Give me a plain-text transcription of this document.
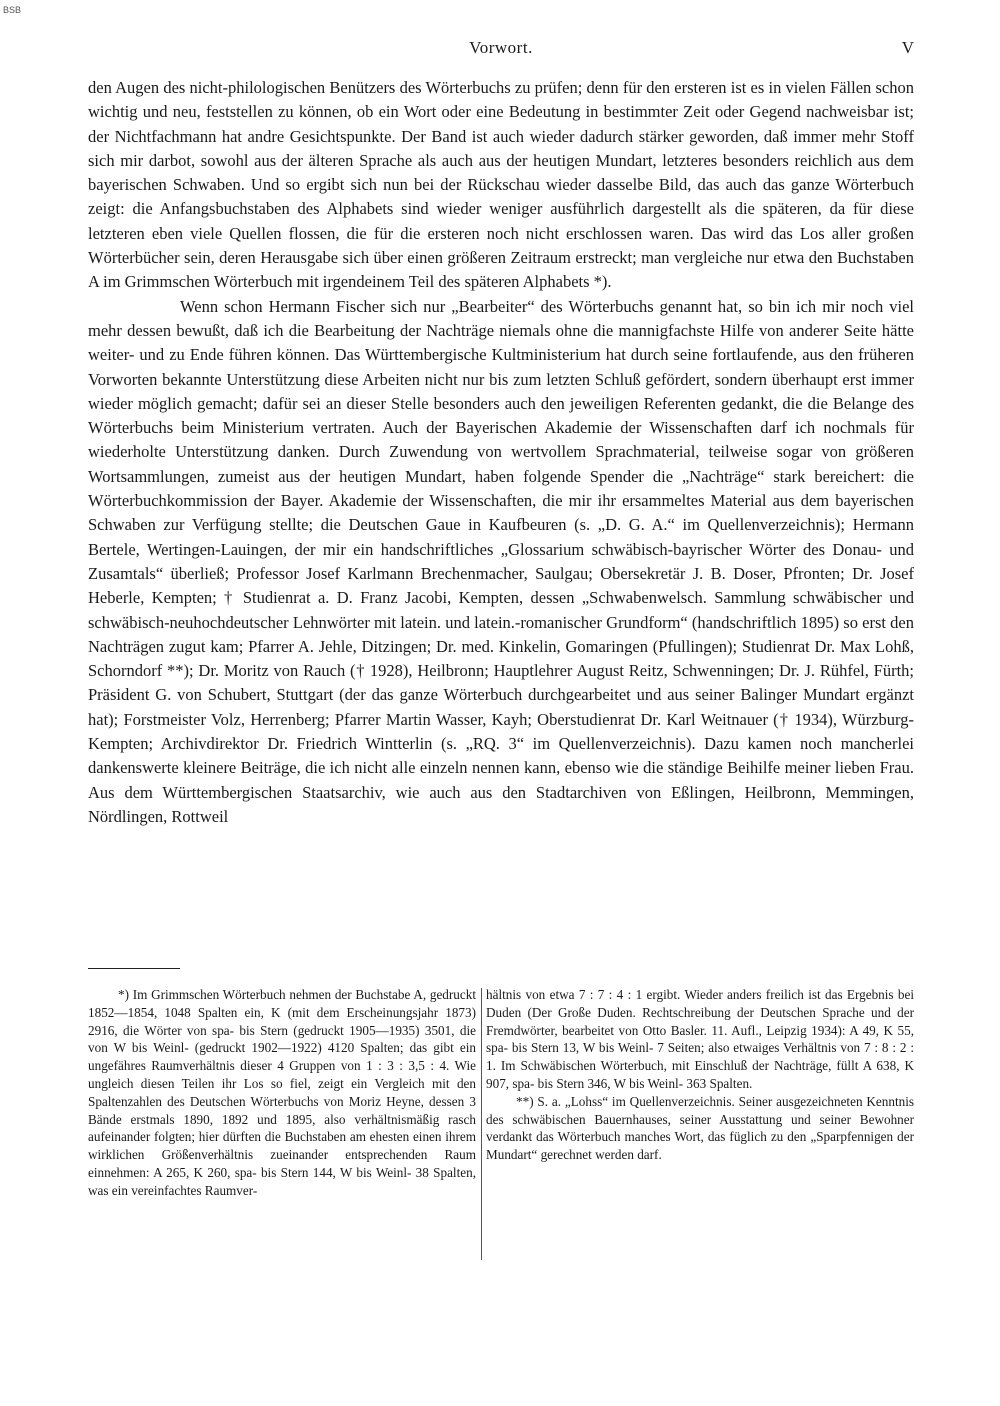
BSB
Vorwort.	V

den Augen des nicht-philologischen Benützers des Wörterbuchs zu prüfen; denn für den ersteren ist es in vielen Fällen schon wichtig und neu, feststellen zu können, ob ein Wort oder eine Bedeutung in bestimmter Zeit oder Gegend nachweisbar ist; der Nichtfachmann hat andre Gesichtspunkte. Der Band ist auch wieder dadurch stärker geworden, daß immer mehr Stoff sich mir darbot, sowohl aus der älteren Sprache als auch aus der heutigen Mundart, letzteres besonders reichlich aus dem bayerischen Schwaben. Und so ergibt sich nun bei der Rückschau wieder dasselbe Bild, das auch das ganze Wörterbuch zeigt: die Anfangsbuchstaben des Alphabets sind wieder weniger ausführlich dargestellt als die späteren, da für diese letzteren eben viele Quellen flossen, die für die ersteren noch nicht erschlossen waren. Das wird das Los aller großen Wörterbücher sein, deren Herausgabe sich über einen größeren Zeitraum erstreckt; man vergleiche nur etwa den Buchstaben A im Grimmschen Wörterbuch mit irgendeinem Teil des späteren Alphabets *).

Wenn schon Hermann Fischer sich nur „Bearbeiter“ des Wörterbuchs genannt hat, so bin ich mir noch viel mehr dessen bewußt, daß ich die Bearbeitung der Nachträge niemals ohne die mannigfachste Hilfe von anderer Seite hätte weiter- und zu Ende führen können. Das Württembergische Kultministerium hat durch seine fortlaufende, aus den früheren Vorworten bekannte Unterstützung diese Arbeiten nicht nur bis zum letzten Schluß gefördert, sondern überhaupt erst immer wieder möglich gemacht; dafür sei an dieser Stelle besonders auch den jeweiligen Referenten gedankt, die die Belange des Wörterbuchs beim Ministerium vertraten. Auch der Bayerischen Akademie der Wissenschaften darf ich nochmals für wiederholte Unterstützung danken. Durch Zuwendung von wertvollem Sprachmaterial, teilweise sogar von größeren Wortsammlungen, zumeist aus der heutigen Mundart, haben folgende Spender die „Nachträge“ stark bereichert: die Wörterbuchkommission der Bayer. Akademie der Wissenschaften, die mir ihr ersammeltes Material aus dem bayerischen Schwaben zur Verfügung stellte; die Deutschen Gaue in Kaufbeuren (s. „D. G. A.“ im Quellenverzeichnis); Hermann Bertele, Wertingen-Lauingen, der mir ein handschriftliches „Glossarium schwäbisch-bayrischer Wörter des Donau- und Zusamtals“ überließ; Professor Josef Karlmann Brechenmacher, Saulgau; Obersekretär J. B. Doser, Pfronten; Dr. Josef Heberle, Kempten; † Studienrat a. D. Franz Jacobi, Kempten, dessen „Schwabenwelsch. Sammlung schwäbischer und schwäbisch-neuhochdeutscher Lehnwörter mit latein. und latein.-romanischer Grundform“ (handschriftlich 1895) so erst den Nachträgen zugut kam; Pfarrer A. Jehle, Ditzingen; Dr. med. Kinkelin, Gomaringen (Pfullingen); Studienrat Dr. Max Lohß, Schorndorf **); Dr. Moritz von Rauch († 1928), Heilbronn; Hauptlehrer August Reitz, Schwenningen; Dr. J. Rühfel, Fürth; Präsident G. von Schubert, Stuttgart (der das ganze Wörterbuch durchgearbeitet und aus seiner Balinger Mundart ergänzt hat); Forstmeister Volz, Herrenberg; Pfarrer Martin Wasser, Kayh; Oberstudienrat Dr. Karl Weitnauer († 1934), Würzburg-Kempten; Archivdirektor Dr. Friedrich Wintterlin (s. „RQ. 3“ im Quellenverzeichnis). Dazu kamen noch mancherlei dankenswerte kleinere Beiträge, die ich nicht alle einzeln nennen kann, ebenso wie die ständige Beihilfe meiner lieben Frau. Aus dem Württembergischen Staatsarchiv, wie auch aus den Stadtarchiven von Eßlingen, Heilbronn, Memmingen, Nördlingen, Rottweil

*) Im Grimmschen Wörterbuch nehmen der Buchstabe A, gedruckt 1852—1854, 1048 Spalten ein, K (mit dem Erscheinungsjahr 1873) 2916, die Wörter von spa- bis Stern (gedruckt 1905—1935) 3501, die von W bis Weinl- (gedruckt 1902—1922) 4120 Spalten; das gibt ein ungefähres Raumverhältnis dieser 4 Gruppen von 1 : 3 : 3,5 : 4. Wie ungleich diesen Teilen ihr Los so fiel, zeigt ein Vergleich mit den Spaltenzahlen des Deutschen Wörterbuchs von Moriz Heyne, dessen 3 Bände erstmals 1890, 1892 und 1895, also verhältnismäßig rasch aufeinander folgten; hier dürften die Buchstaben am ehesten einen ihrem wirklichen Größenverhältnis zueinander entsprechenden Raum einnehmen: A 265, K 260, spa- bis Stern 144, W bis Weinl- 38 Spalten, was ein vereinfachtes Raumver-

hältnis von etwa 7 : 7 : 4 : 1 ergibt. Wieder anders freilich ist das Ergebnis bei Duden (Der Große Duden. Rechtschreibung der Deutschen Sprache und der Fremdwörter, bearbeitet von Otto Basler. 11. Aufl., Leipzig 1934): A 49, K 55, spa- bis Stern 13, W bis Weinl- 7 Seiten; also etwaiges Verhältnis von 7 : 8 : 2 : 1. Im Schwäbischen Wörterbuch, mit Einschluß der Nachträge, füllt A 638, K 907, spa- bis Stern 346, W bis Weinl- 363 Spalten.

**) S. a. „Lohss“ im Quellenverzeichnis. Seiner ausgezeichneten Kenntnis des schwäbischen Bauernhauses, seiner Ausstattung und seiner Bewohner verdankt das Wörterbuch manches Wort, das füglich zu den „Sparpfennigen der Mundart“ gerechnet werden darf.
